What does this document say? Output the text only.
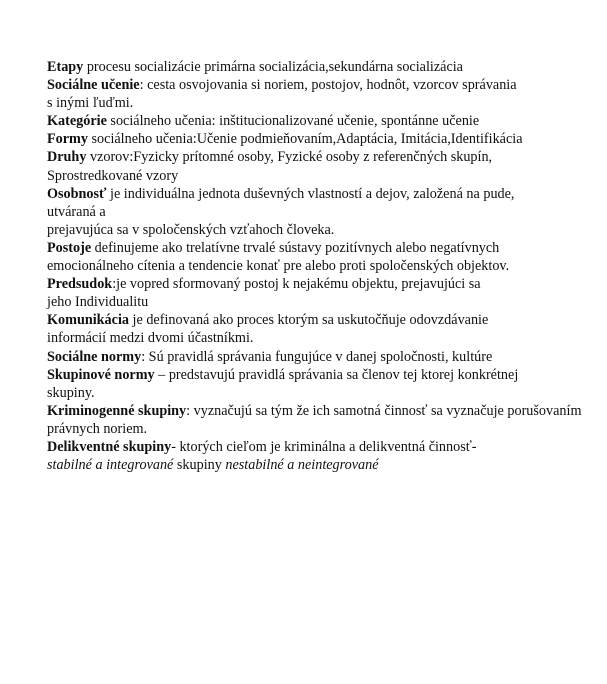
Etapy procesu socializácie primárna socializácia,sekundárna socializácia
Sociálne učenie: cesta osvojovania si noriem, postojov, hodnôt, vzorcov správania
s inými ľuďmi.
Kategórie sociálneho učenia: inštitucionalizované učenie, spontánne učenie
Formy sociálneho učenia:Učenie podmieňovaním,Adaptácia, Imitácia,Identifikácia
Druhy vzorov:Fyzicky prítomné osoby, Fyzické osoby z referenčných skupín,
Sprostredkované vzory
Osobnosť je individuálna jednota duševných vlastností a dejov, založená na pude,
utváraná a
prejavujúca sa v spoločenských vzťahoch človeka.
Postoje definujeme ako trelatívne trvalé sústavy pozitívnych alebo negatívnych
emocionálneho cítenia a tendencie konať pre alebo proti spoločenských objektov.
Predsudok:je vopred sformovaný postoj k nejakému objektu, prejavujúci sa
jeho Individualitu
Komunikácia je definovaná ako proces ktorým sa uskutočňuje odovzdávanie
informácií medzi dvomi účastníkmi.
Sociálne normy: Sú pravidlá správania fungujúce v danej spoločnosti, kultúre
Skupinové normy – predstavujú pravidlá správania sa členov tej ktorej konkrétnej
skupiny.
Kriminogenné skupiny: vyznačujú sa tým že ich samotná činnosť sa vyznačuje porušovaním
právnych noriem.
Delikventné skupiny- ktorých cieľom je kriminálna a delikventná činnosť-
stabilné a integrované skupiny nestabilné a neintegrované
